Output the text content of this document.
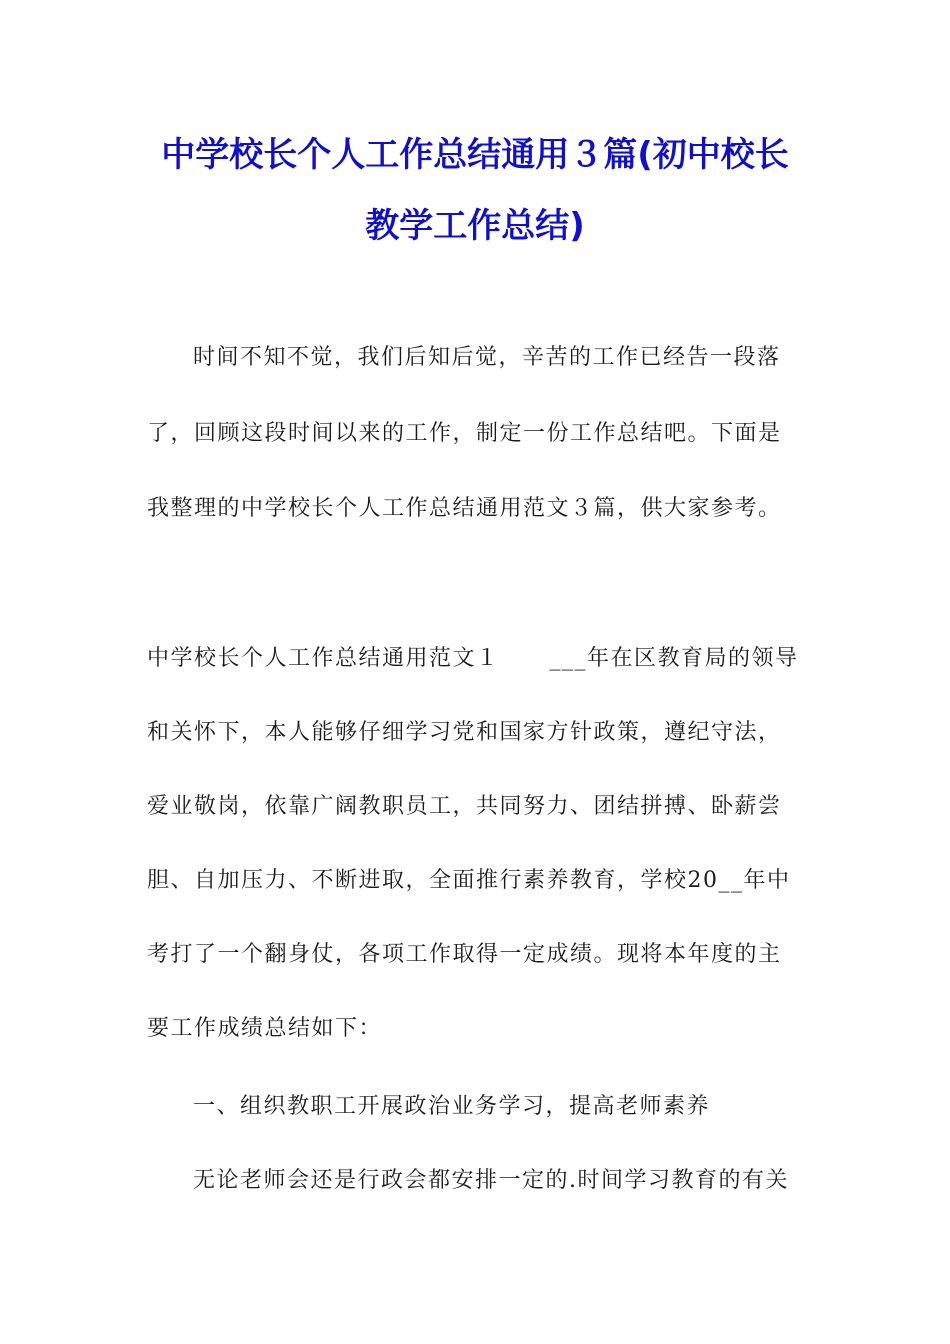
中学校长个人工作总结通用３篇(初中校长
教学工作总结)

时间不知不觉，我们后知后觉，辛苦的工作已经告一段落

了，回顾这段时间以来的工作，制定一份工作总结吧。下面是

我整理的中学校长个人工作总结通用范文３篇，供大家参考。

中学校长个人工作总结通用范文１ ___年在区教育局的领导

和关怀下，本人能够仔细学习党和国家方针政策，遵纪守法，

爱业敬岗，依靠广阔教职员工，共同努力、团结拼搏、卧薪尝

胆、自加压力、不断进取，全面推行素养教育，学校20__年中

考打了一个翻身仗，各项工作取得一定成绩。现将本年度的主

要工作成绩总结如下：

一、组织教职工开展政治业务学习，提高老师素养

无论老师会还是行政会都安排一定的.时间学习教育的有关
